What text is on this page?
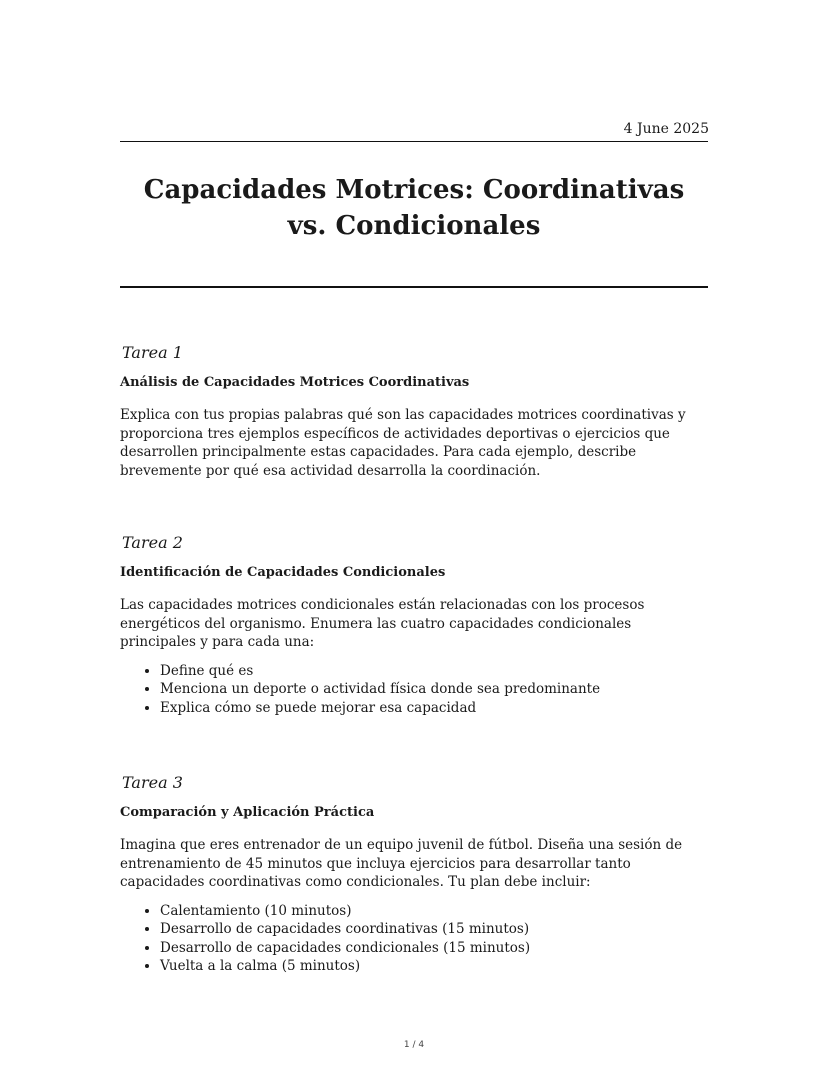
4 June 2025
Capacidades Motrices: Coordinativas vs. Condicionales
Tarea 1
Análisis de Capacidades Motrices Coordinativas

Explica con tus propias palabras qué son las capacidades motrices coordinativas y proporciona tres ejemplos específicos de actividades deportivas o ejercicios que desarrollen principalmente estas capacidades. Para cada ejemplo, describe brevemente por qué esa actividad desarrolla la coordinación.

Tarea 2
Identificación de Capacidades Condicionales

Las capacidades motrices condicionales están relacionadas con los procesos energéticos del organismo. Enumera las cuatro capacidades condicionales principales y para cada una:

• Define qué es
• Menciona un deporte o actividad física donde sea predominante
• Explica cómo se puede mejorar esa capacidad
Tarea 3
Comparación y Aplicación Práctica

Imagina que eres entrenador de un equipo juvenil de fútbol. Diseña una sesión de entrenamiento de 45 minutos que incluya ejercicios para desarrollar tanto capacidades coordinativas como condicionales. Tu plan debe incluir:

• Calentamiento (10 minutos)
• Desarrollo de capacidades coordinativas (15 minutos)
• Desarrollo de capacidades condicionales (15 minutos)
• Vuelta a la calma (5 minutos)
1 / 4
